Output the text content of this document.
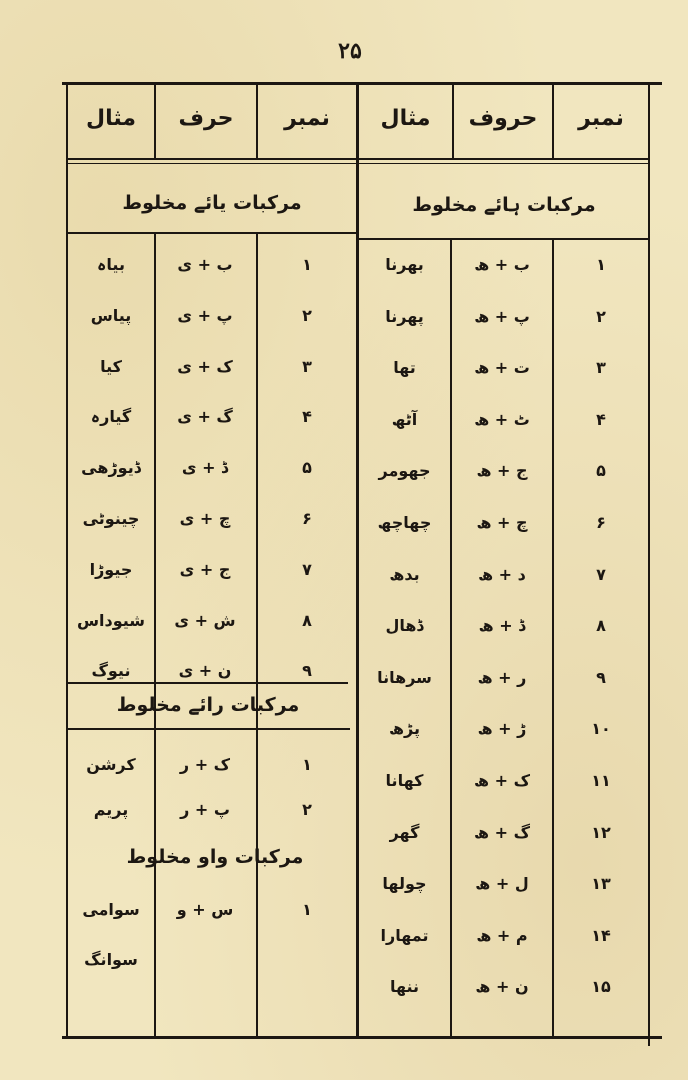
۲۵
نمبر
حروف
مثال
نمبر
حرف
مثال
مرکبات ہائے مخلوط
مرکبات یائے مخلوط
مرکبات رائے مخلوط
مرکبات واو مخلوط
۱
ب + ھ
بھرنا
۲
پ + ھ
پھرنا
۳
ت + ھ
تھا
۴
ٹ + ھ
آٹھ
۵
ج + ھ
جھومر
۶
چ + ھ
چھاچھ
۷
د + ھ
بدھ
۸
ڈ + ھ
ڈھال
۹
ر + ھ
سرھانا
۱۰
ڑ + ھ
پڑھ
۱۱
ک + ھ
کھانا
۱۲
گ + ھ
گھر
۱۳
ل + ھ
چولھا
۱۴
م + ھ
تمھارا
۱۵
ن + ھ
ننھا
۱
ب + ی
بیاہ
۲
پ + ی
پیاس
۳
ک + ی
کیا
۴
گ + ی
گیارہ
۵
ڈ + ی
ڈیوڑھی
۶
چ + ی
چینوٹی
۷
ج + ی
جیوڑا
۸
ش + ی
شیوداس
۹
ن + ی
نیوگ
۱
ک + ر
کرشن
۲
پ + ر
پریم
۱
س + و
سوامی
سوانگ
